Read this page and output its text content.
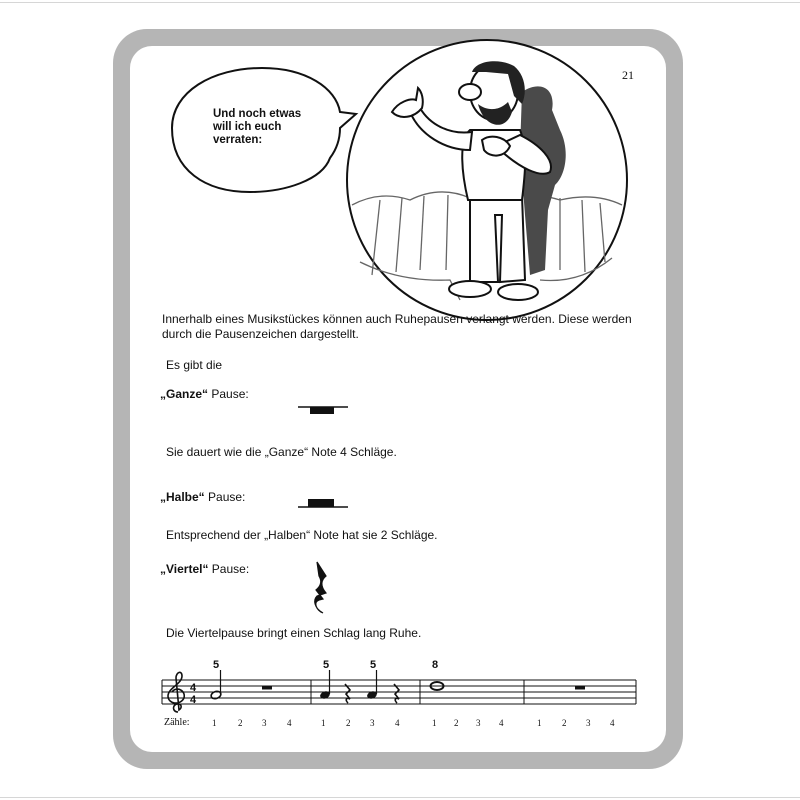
21
Und noch etwas
will ich euch
verraten:
Innerhalb eines Musikstückes können auch Ruhepausen verlangt werden. Diese werden
durch die Pausenzeichen dargestellt.
Es gibt die
„Ganze“ Pause:
Sie dauert wie die „Ganze“ Note 4 Schläge.
„Halbe“ Pause:
Entsprechend der „Halben“ Note hat sie 2 Schläge.
„Viertel“ Pause:
Die Viertelpause bringt einen Schlag lang Ruhe.
4
4
5	5	5	8
Zähle: 1 2 3 4	1 2 3 4	1 2 3 4	1 2 3 4
